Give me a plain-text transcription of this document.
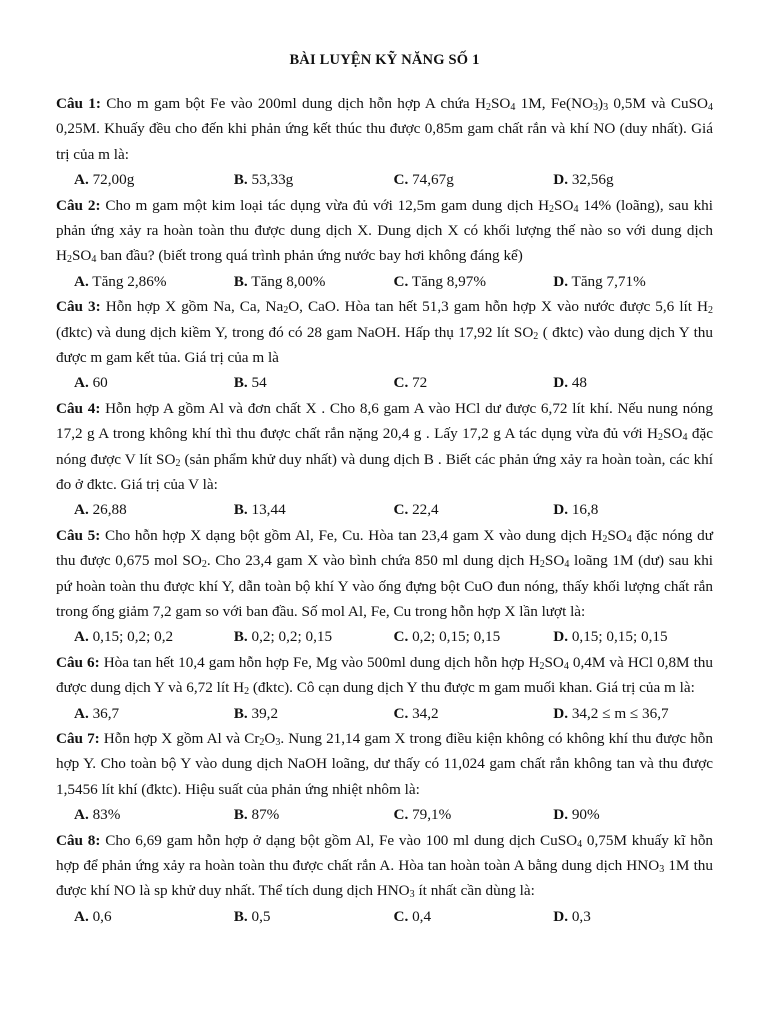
BÀI LUYỆN KỸ NĂNG SỐ 1

Câu 1: Cho m gam bột Fe vào 200ml dung dịch hỗn hợp A chứa $H_2SO_4$ 1M, $Fe(NO_3)_3$ 0,5M và CuSO$_4$ 0,25M. Khuấy đều cho đến khi phản ứng kết thúc thu được 0,85m gam chất rắn và khí NO (duy nhất). Giá trị của m là:

A. 72,00g	B. 53,33g	C. 74,67g	D. 32,56g

Câu 2: Cho m gam một kim loại tác dụng vừa đủ với 12,5m gam dung dịch $H_2SO_4$ 14% (loãng), sau khi phản ứng xảy ra hoàn toàn thu được dung dịch X. Dung dịch X có khối lượng thế nào so với dung dịch $H_2SO_4$ ban đầu? (biết trong quá trình phản ứng nước bay hơi không đáng kể)

A. Tăng 2,86%	B. Tăng 8,00%	C. Tăng 8,97%	D. Tăng 7,71%

Câu 3: Hỗn hợp X gồm Na, Ca, $Na_2O$, CaO. Hòa tan hết 51,3 gam hỗn hợp X vào nước được 5,6 lít $H_2$ (đktc) và dung dịch kiềm Y, trong đó có 28 gam NaOH. Hấp thụ 17,92 lít $SO_2$ ( đktc) vào dung dịch Y thu được m gam kết tủa. Giá trị của m là

A. 60	B. 54	C. 72	D. 48

Câu 4: Hỗn hợp A gồm Al và đơn chất X . Cho 8,6 gam A vào HCl dư được 6,72 lít khí. Nếu nung nóng 17,2 g A trong không khí thì thu được chất rắn nặng 20,4 g . Lấy 17,2 g A tác dụng vừa đủ với $H_2SO_4$ đặc nóng được V lít $SO_2$ (sản phẩm khử duy nhất) và dung dịch B . Biết các phản ứng xảy ra hoàn toàn, các khí đo ở đktc. Giá trị của V là:

A. 26,88	B. 13,44	C. 22,4	D. 16,8

Câu 5: Cho hỗn hợp X dạng bột gồm Al, Fe, Cu. Hòa tan 23,4 gam X vào dung dịch $H_2SO_4$ đặc nóng dư thu được 0,675 mol $SO_2$. Cho 23,4 gam X vào bình chứa 850 ml dung dịch $H_2SO_4$ loãng 1M (dư) sau khi pứ hoàn toàn thu được khí Y, dẫn toàn bộ khí Y vào ống đựng bột CuO đun nóng, thấy khối lượng chất rắn trong ống giảm 7,2 gam so với ban đầu. Số mol Al, Fe, Cu trong hỗn hợp X lần lượt là:

A. 0,15; 0,2; 0,2	B. 0,2; 0,2; 0,15	C. 0,2; 0,15; 0,15	D. 0,15; 0,15; 0,15

Câu 6: Hòa tan hết 10,4 gam hỗn hợp Fe, Mg vào 500ml dung dịch hỗn hợp $H_2SO_4$ 0,4M và HCl 0,8M thu được dung dịch Y và 6,72 lít $H_2$ (đktc). Cô cạn dung dịch Y thu được m gam muối khan. Giá trị của m là:

A. 36,7	B. 39,2	C. 34,2	D. 34,2 ≤ m ≤ 36,7

Câu 7: Hỗn hợp X gồm Al và $Cr_2O_3$. Nung 21,14 gam X trong điều kiện không có không khí thu được hỗn hợp Y. Cho toàn bộ Y vào dung dịch NaOH loãng, dư thấy có 11,024 gam chất rắn không tan và thu được 1,5456 lít khí (đktc). Hiệu suất của phản ứng nhiệt nhôm là:

A. 83%	B. 87%	C. 79,1%	D. 90%

Câu 8: Cho 6,69 gam hỗn hợp ở dạng bột gồm Al, Fe vào 100 ml dung dịch CuSO$_4$ 0,75M khuấy kĩ hỗn hợp để phản ứng xảy ra hoàn toàn thu được chất rắn A. Hòa tan hoàn toàn A bằng dung dịch $HNO_3$ 1M thu được khí NO là sp khử duy nhất. Thể tích dung dịch $HNO_3$ ít nhất cần dùng là:

A. 0,6	B. 0,5	C. 0,4	D. 0,3
